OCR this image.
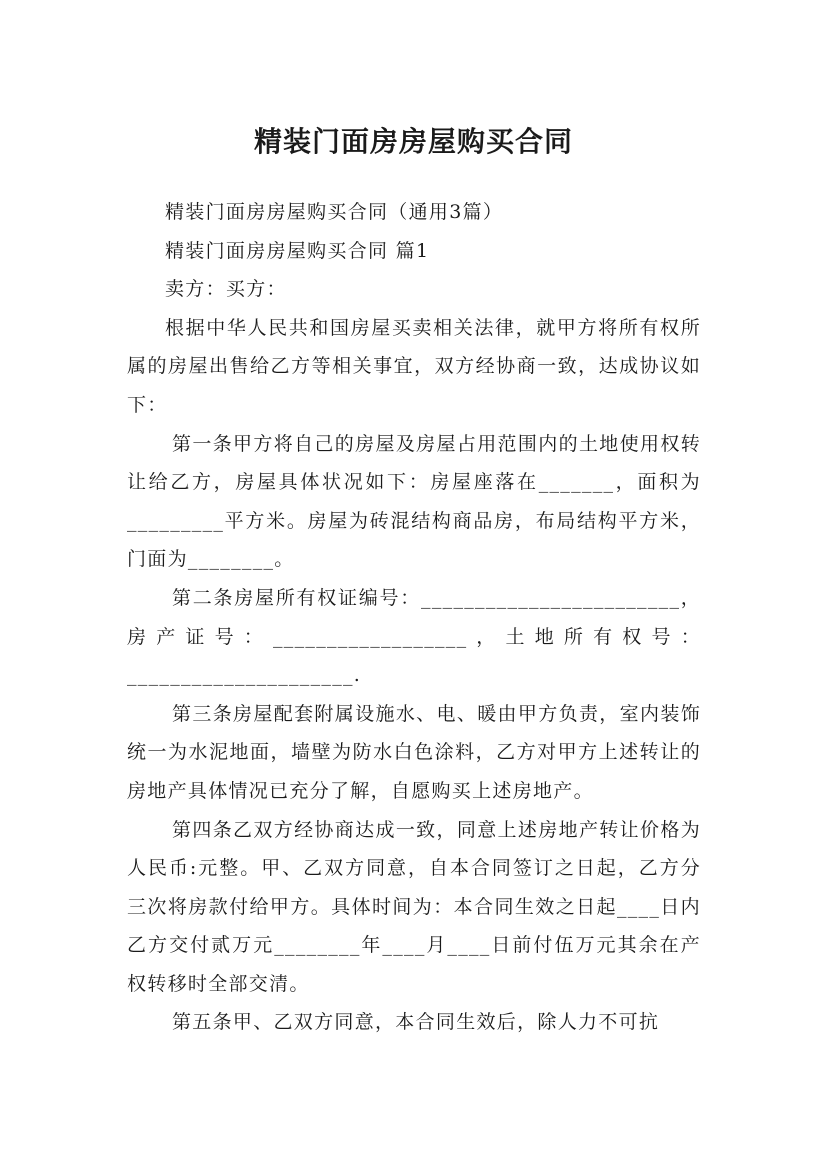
精装门面房房屋购买合同

精装门面房房屋购买合同（通用3篇）

精装门面房房屋购买合同 篇1

卖方：买方：

根据中华人民共和国房屋买卖相关法律，就甲方将所有权所属的房屋出售给乙方等相关事宜，双方经协商一致，达成协议如下：

第一条甲方将自己的房屋及房屋占用范围内的土地使用权转让给乙方，房屋具体状况如下：房屋座落在_______，面积为_________平方米。房屋为砖混结构商品房，布局结构平方米，门面为________。

第二条房屋所有权证编号：________________________，房产证号：__________________，土地所有权号：_____________________.

第三条房屋配套附属设施水、电、暖由甲方负责，室内装饰统一为水泥地面，墙壁为防水白色涂料，乙方对甲方上述转让的房地产具体情况已充分了解，自愿购买上述房地产。

第四条乙双方经协商达成一致，同意上述房地产转让价格为人民币:元整。甲、乙双方同意，自本合同签订之日起，乙方分三次将房款付给甲方。具体时间为：本合同生效之日起____日内乙方交付贰万元________年____月____日前付伍万元其余在产权转移时全部交清。

第五条甲、乙双方同意，本合同生效后，除人力不可抗
